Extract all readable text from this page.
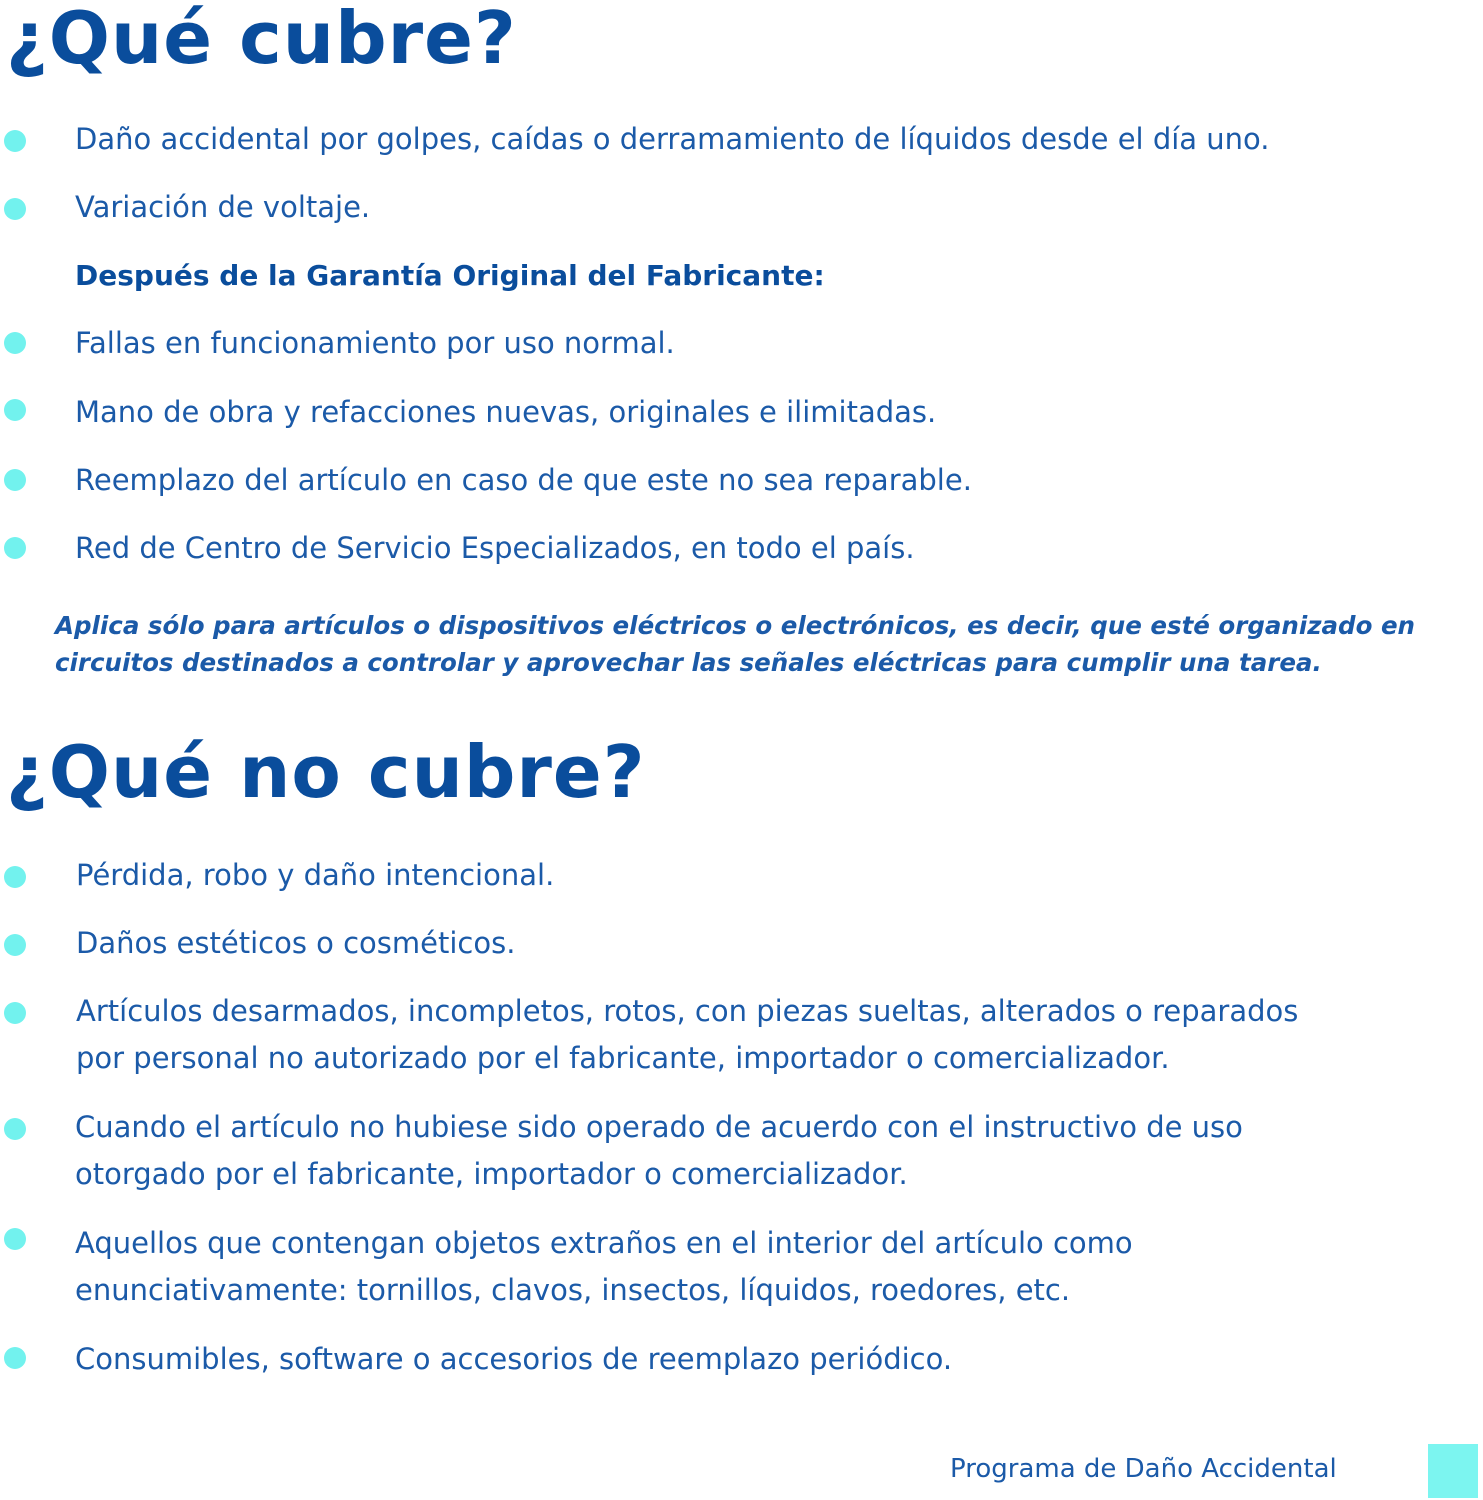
¿Qué cubre?
Daño accidental por golpes, caídas o derramamiento de líquidos desde el día uno.
Variación de voltaje.
Después de la Garantía Original del Fabricante:
Fallas en funcionamiento por uso normal.
Mano de obra y refacciones nuevas, originales e ilimitadas.
Reemplazo del artículo en caso de que este no sea reparable.
Red de Centro de Servicio Especializados, en todo el país.
Aplica sólo para artículos o dispositivos eléctricos o electrónicos, es decir, que esté organizado en
circuitos destinados a controlar y aprovechar las señales eléctricas para cumplir una tarea.
¿Qué no cubre?
Pérdida, robo y daño intencional.
Daños estéticos o cosméticos.
Artículos desarmados, incompletos, rotos, con piezas sueltas, alterados o reparados
por personal no autorizado por el fabricante, importador o comercializador.
Cuando el artículo no hubiese sido operado de acuerdo con el instructivo de uso
otorgado por el fabricante, importador o comercializador.
Aquellos que contengan objetos extraños en el interior del artículo como
enunciativamente: tornillos, clavos, insectos, líquidos, roedores, etc.
Consumibles, software o accesorios de reemplazo periódico.
Programa de Daño Accidental
